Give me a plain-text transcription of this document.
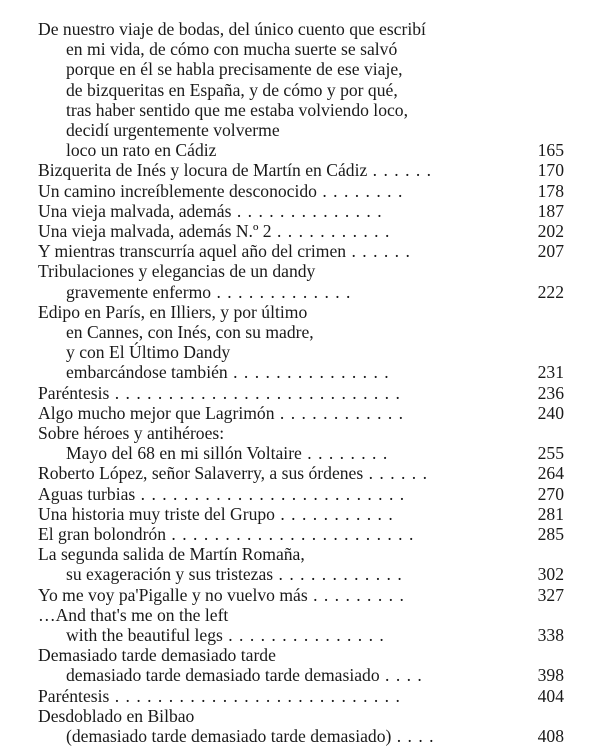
De nuestro viaje de bodas, del único cuento que escribí
en mi vida, de cómo con mucha suerte se salvó
porque en él se habla precisamente de ese viaje,
de bizqueritas en España, y de cómo y por qué,
tras haber sentido que me estaba volviendo loco,
decidí urgentemente volverme
loco un rato en Cádiz	165
Bizquerita de Inés y locura de Martín en Cádiz . . . . . .	170
Un camino increíblemente desconocido . . . . . . . .	178
Una vieja malvada, además . . . . . . . . . . . . . .	187
Una vieja malvada, además N.º 2 . . . . . . . . . . .	202
Y mientras transcurría aquel año del crimen . . . . . .	207
Tribulaciones y elegancias de un dandy
gravemente enfermo . . . . . . . . . . . . .	222
Edipo en París, en Illiers, y por último
en Cannes, con Inés, con su madre,
y con El Último Dandy
embarcándose también . . . . . . . . . . . . . . .	231
Paréntesis . . . . . . . . . . . . . . . . . . . . . . . . . . .	236
Algo mucho mejor que Lagrimón . . . . . . . . . . . .	240
Sobre héroes y antihéroes:
Mayo del 68 en mi sillón Voltaire . . . . . . . .	255
Roberto López, señor Salaverry, a sus órdenes . . . . . .	264
Aguas turbias . . . . . . . . . . . . . . . . . . . . . . . . .	270
Una historia muy triste del Grupo . . . . . . . . . . .	281
El gran bolondrón . . . . . . . . . . . . . . . . . . . . . . .	285
La segunda salida de Martín Romaña,
su exageración y sus tristezas . . . . . . . . . . . .	302
Yo me voy pa'Pigalle y no vuelvo más . . . . . . . . .	327
…And that's me on the left
with the beautiful legs . . . . . . . . . . . . . . .	338
Demasiado tarde demasiado tarde
demasiado tarde demasiado tarde demasiado . . . .	398
Paréntesis . . . . . . . . . . . . . . . . . . . . . . . . . . .	404
Desdoblado en Bilbao
(demasiado tarde demasiado tarde demasiado) . . . .	408
